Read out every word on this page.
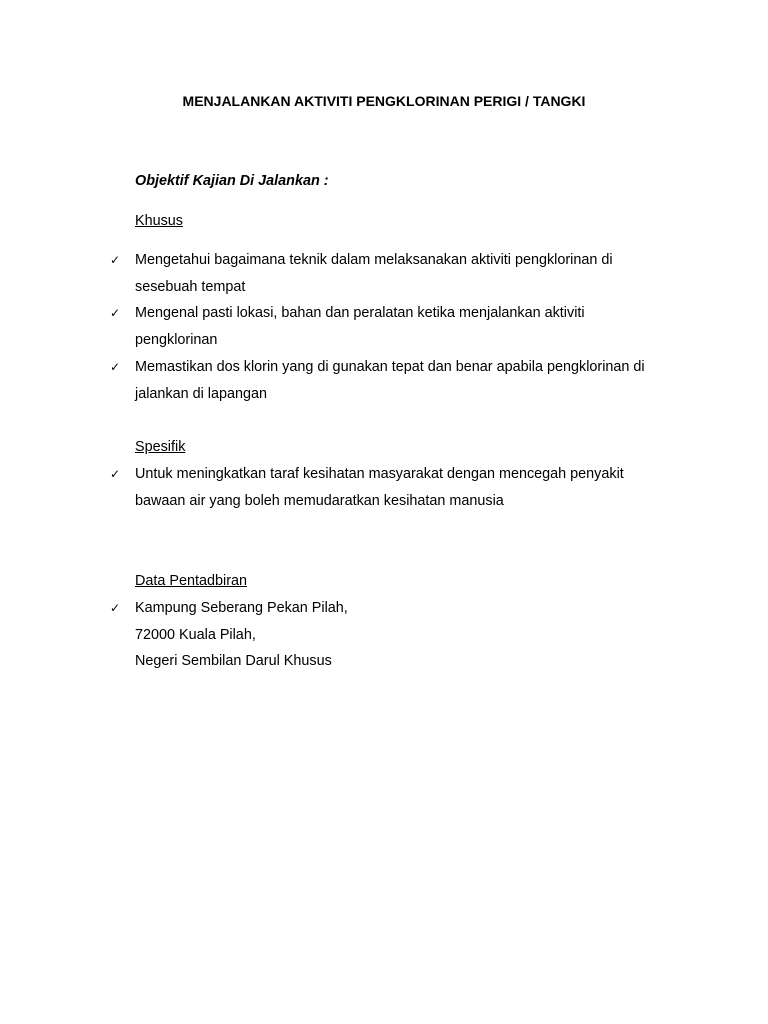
MENJALANKAN AKTIVITI PENGKLORINAN PERIGI / TANGKI
Objektif Kajian Di Jalankan :
Khusus
✓ Mengetahui bagaimana teknik dalam melaksanakan aktiviti pengklorinan di
sesebuah tempat
✓ Mengenal pasti lokasi, bahan dan peralatan ketika menjalankan aktiviti
pengklorinan
✓ Memastikan dos klorin yang di gunakan tepat dan benar apabila pengklorinan di
jalankan di lapangan
Spesifik
✓ Untuk meningkatkan taraf kesihatan masyarakat dengan mencegah penyakit
bawaan air yang boleh memudaratkan kesihatan manusia
Data Pentadbiran
✓ Kampung Seberang Pekan Pilah,
72000 Kuala Pilah,
Negeri Sembilan Darul Khusus
